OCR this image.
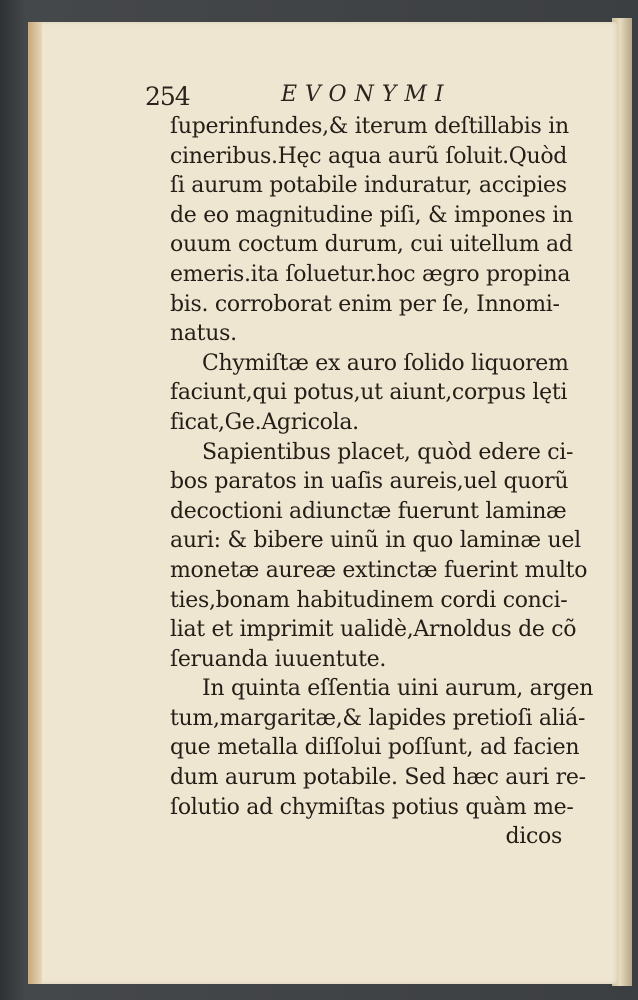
254	EVONYMI
ſuperinfundes,& iterum deſtillabis in
cineribus.Hęc aqua aurũ ſoluit.Quòd
ſi aurum potabile induratur, accipies
de eo magnitudine piſi, & impones in
ouum coctum durum, cui uitellum ad
emeris.ita ſoluetur.hoc ægro propina
bis. corroborat enim per ſe, Innomi-
natus.
Chymiſtæ ex auro ſolido liquorem
faciunt,qui potus,ut aiunt,corpus lęti
ficat,Ge.Agricola.
Sapientibus placet, quòd edere ci-
bos paratos in uaſis aureis,uel quorũ
decoctioni adiunctæ fuerunt laminæ
auri: & bibere uinũ in quo laminæ uel
monetæ aureæ extinctæ fuerint multo
ties,bonam habitudinem cordi conci-
liat et imprimit ualidè,Arnoldus de cõ
ſeruanda iuuentute.
In quinta eſſentia uini aurum, argen
tum,margaritæ,& lapides pretioſi aliá-
que metalla diſſolui poſſunt, ad facien
dum aurum potabile. Sed hæc auri re-
ſolutio ad chymiſtas potius quàm me-
dicos
